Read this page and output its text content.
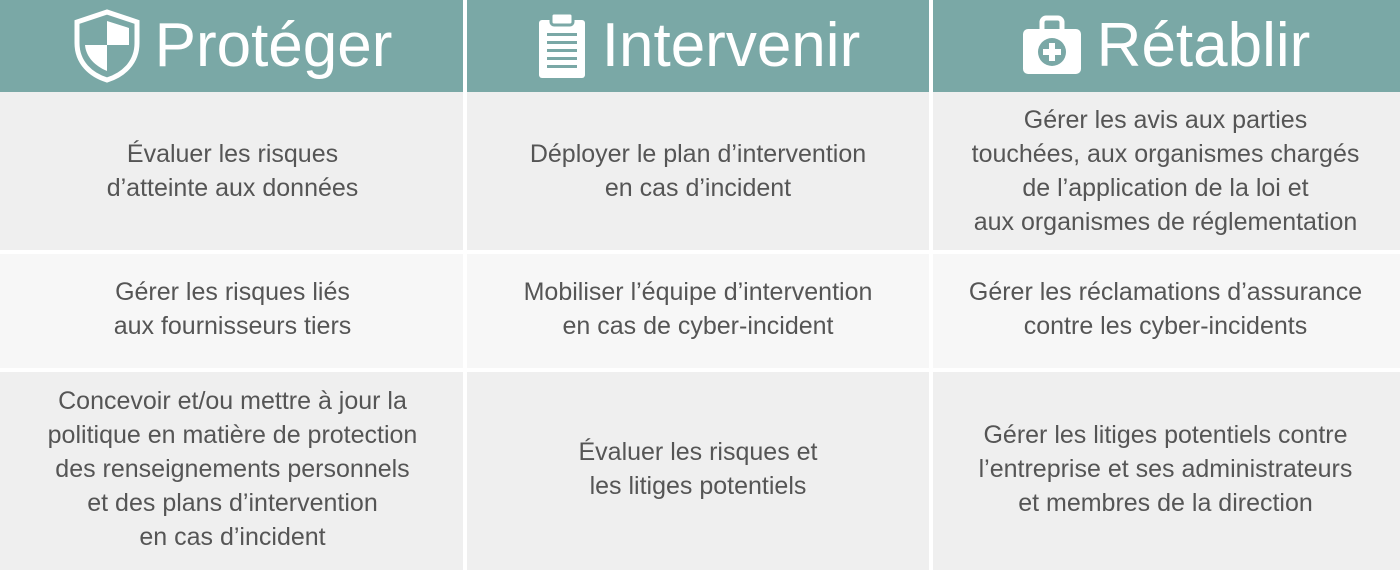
Protéger	Intervenir	Rétablir
Évaluer les risques
d’atteinte aux données
Déployer le plan d’intervention
en cas d’incident
Gérer les avis aux parties
touchées, aux organismes chargés
de l’application de la loi et
aux organismes de réglementation
Gérer les risques liés
aux fournisseurs tiers
Mobiliser l’équipe d’intervention
en cas de cyber-incident
Gérer les réclamations d’assurance
contre les cyber-incidents
Concevoir et/ou mettre à jour la
politique en matière de protection
des renseignements personnels
et des plans d’intervention
en cas d’incident
Évaluer les risques et
les litiges potentiels
Gérer les litiges potentiels contre
l’entreprise et ses administrateurs
et membres de la direction
